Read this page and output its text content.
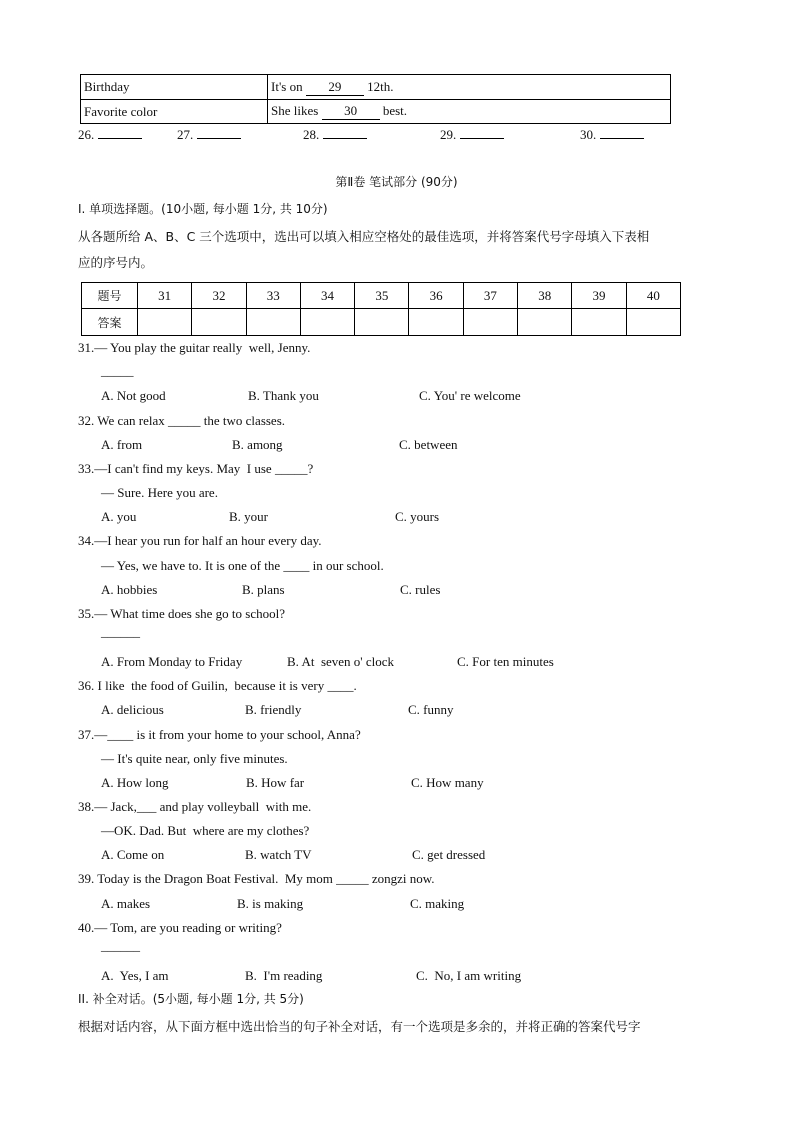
Birthday	It's on 29 12th.
Favorite color	She likes 30 best.
26.	27.	28.	29.	30.
第Ⅱ卷 笔试部分 (90分)
I. 单项选择题。(10小题, 每小题 1分, 共 10分)
从各题所给 A、B、C 三个选项中，选出可以填入相应空格处的最佳选项，并将答案代号字母填入下表相
应的序号内。
题号	31	32	33	34	35	36	37	38	39	40
答案										
31.— You play the guitar really  well, Jenny.
_____
A. Not good	B. Thank you	C. You' re welcome
32. We can relax _____ the two classes.
A. from	B. among	C. between
33.—I can't find my keys. May  I use _____?
— Sure. Here you are.
A. you	B. your	C. yours
34.—I hear you run for half an hour every day.
— Yes, we have to. It is one of the ____ in our school.
A. hobbies	B. plans	C. rules
35.— What time does she go to school?
______
A. From Monday to Friday	B. At  seven o' clock	C. For ten minutes
36. I like  the food of Guilin,  because it is very ____.
A. delicious	B. friendly	C. funny
37.—____ is it from your home to your school, Anna?
— It's quite near, only five minutes.
A. How long	B. How far	C. How many
38.— Jack,___ and play volleyball  with me.
—OK. Dad. But  where are my clothes?
A. Come on	B. watch TV	C. get dressed
39. Today is the Dragon Boat Festival.  My mom _____ zongzi now.
A. makes	B. is making	C. making
40.— Tom, are you reading or writing?
______
A.  Yes, I am	B.  I'm reading	C.  No, I am writing
II. 补全对话。(5小题, 每小题 1分, 共 5分)
根据对话内容，从下面方框中选出恰当的句子补全对话，有一个选项是多余的，并将正确的答案代号字
